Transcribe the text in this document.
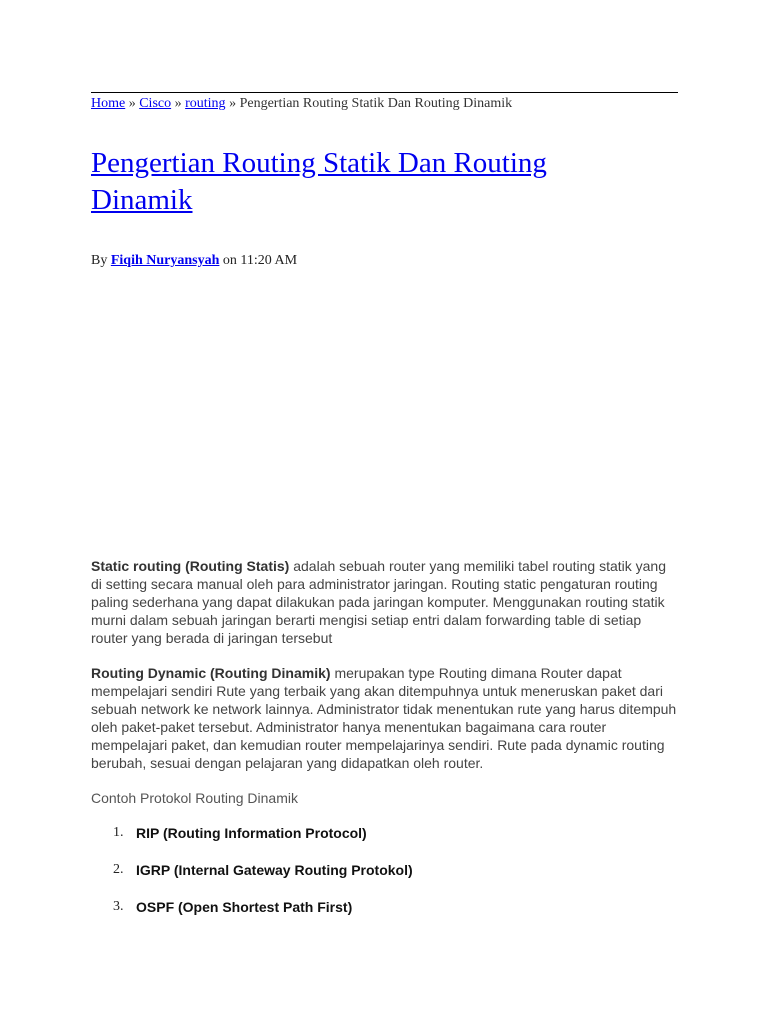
Home » Cisco » routing » Pengertian Routing Statik Dan Routing Dinamik
Pengertian Routing Statik Dan Routing Dinamik
By Fiqih Nuryansyah on 11:20 AM

Static routing (Routing Statis) adalah sebuah router yang memiliki tabel routing statik yang di setting secara manual oleh para administrator jaringan. Routing static pengaturan routing paling sederhana yang dapat dilakukan pada jaringan komputer. Menggunakan routing statik murni dalam sebuah jaringan berarti mengisi setiap entri dalam forwarding table di setiap router yang berada di jaringan tersebut

Routing Dynamic (Routing Dinamik) merupakan type Routing dimana Router dapat mempelajari sendiri Rute yang terbaik yang akan ditempuhnya untuk meneruskan paket dari sebuah network ke network lainnya. Administrator tidak menentukan rute yang harus ditempuh oleh paket-paket tersebut. Administrator hanya menentukan bagaimana cara router mempelajari paket, dan kemudian router mempelajarinya sendiri. Rute pada dynamic routing berubah, sesuai dengan pelajaran yang didapatkan oleh router.

Contoh Protokol Routing Dinamik

1. RIP (Routing Information Protocol)
2. IGRP (Internal Gateway Routing Protokol)
3. OSPF (Open Shortest Path First)
